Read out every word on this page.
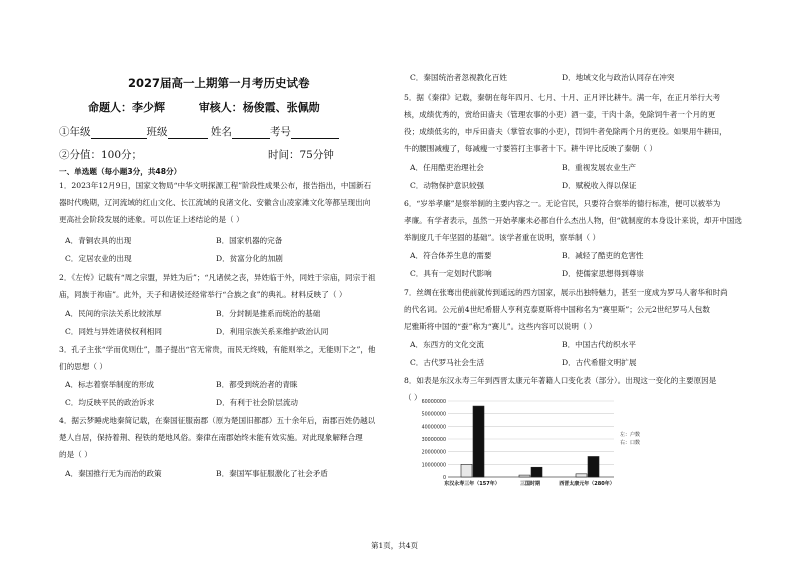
2027届高一上期第一月考历史试卷
命题人：李少辉	审核人：杨俊霞、张佩勋
①年级	班级	姓名	考号
②分值：100分；	时间：75分钟
一、单选题（每小题3分，共48分）
1．2023年12月9日，国家文物局“中华文明探源工程”阶段性成果公布，报告指出，中国新石
器时代晚期，辽河流域的红山文化、长江流域的良渚文化、安徽含山凌家滩文化等都呈现出向
更高社会阶段发展的迹象。可以佐证上述结论的是（ ）
A．青铜农具的出现	B．国家机器的完备
C．定居农业的出现	D．贫富分化的加剧
2．《左传》记载有“周之宗盟，异姓为后”；“凡诸侯之丧，异姓临于外，同姓于宗庙，同宗于祖
庙，同族于祢庙”。此外，天子和诸侯还经常举行“合族之食”的典礼。材料反映了（ ）
A．民间的宗法关系比较浓厚	B．分封制是推系而统治的基础
C．同姓与异姓诸侯权利相同	D．利用宗族关系来维护政治认同
3．孔子主张“学而优则仕”，墨子提出“官无常贵，而民无终贱，有能则举之，无能则下之”，他
们的思想（ ）
A．标志着察举制度的形成	B．都受到统治者的青睐
C．均反映平民的政治诉求	D．有利于社会阶层流动
4．据云梦睡虎地秦简记载，在秦国征服南郡（原为楚国旧都郡）五十余年后，南郡百姓仍越以
楚人自居，保持着荆、程铁的楚地风俗。秦律在南郡始终未能有效实施。对此现象解释合理
的是（ ）
A．秦国推行无为而治的政策	B．秦国军事征服激化了社会矛盾
C．秦国统治者忽视教化百姓	D．地域文化与政治认同存在冲突
5．据《秦律》记载，秦朝在每年四月、七月、十月、正月评比耕牛。满一年，在正月举行大考
核，成绩优秀的，赏给田啬夫（管理农事的小吏）酒一壶，干肉十条，免除饲牛者一个月的更
役；成绩低劣的，申斥田啬夫（掌管农事的小吏），罚饲牛者免除两个月的更役。如果用牛耕田，
牛的腰围减瘦了，每减瘦一寸要笞打主事者十下。耕牛评比反映了秦朝（ ）
A．任用酷吏治理社会	B．重视发展农业生产
C．动物保护意识较强	D．赋税收入得以保证
6．“岁举孝廉”是察举制的主要内容之一。无论官民，只要符合察举的德行标准，便可以被举为
孝廉。有学者表示，虽然一开始孝廉未必都自什么杰出人物，但“就制度的本身设计来说，却开中国选
举制度几千年坚固的基础”。该学者重在说明，察举制（ ）
A．符合体养生息的需要	B．减轻了酷吏的危害性
C．具有一定划时代影响	D．使儒家思想得到尊崇
7．丝绸在张骞出使前就传到遥远的西方国家，展示出独特魅力，甚至一度成为罗马人奢华和时尚
的代名词。公元前4世纪希腊人亨利克泰夏斯将中国称名为“赛里斯”；公元2世纪罗马人包数
尼雅斯将中国的“蚕”称为“赛儿”。这些内容可以说明（ ）
A．东西方的文化交流	B．中国古代纺织水平
C．古代罗马社会生活	D．古代希腊文明扩展
8．如表是东汉永寿三年到西晋太康元年著籍人口变化表（部分）。出现这一变化的主要原因是
（ ）
0
10000000
20000000
30000000
40000000
50000000
60000000
东汉永寿三年（157年）	三国时期	西晋太康元年（280年）
左：户数
右：口数
第1页，共4页
